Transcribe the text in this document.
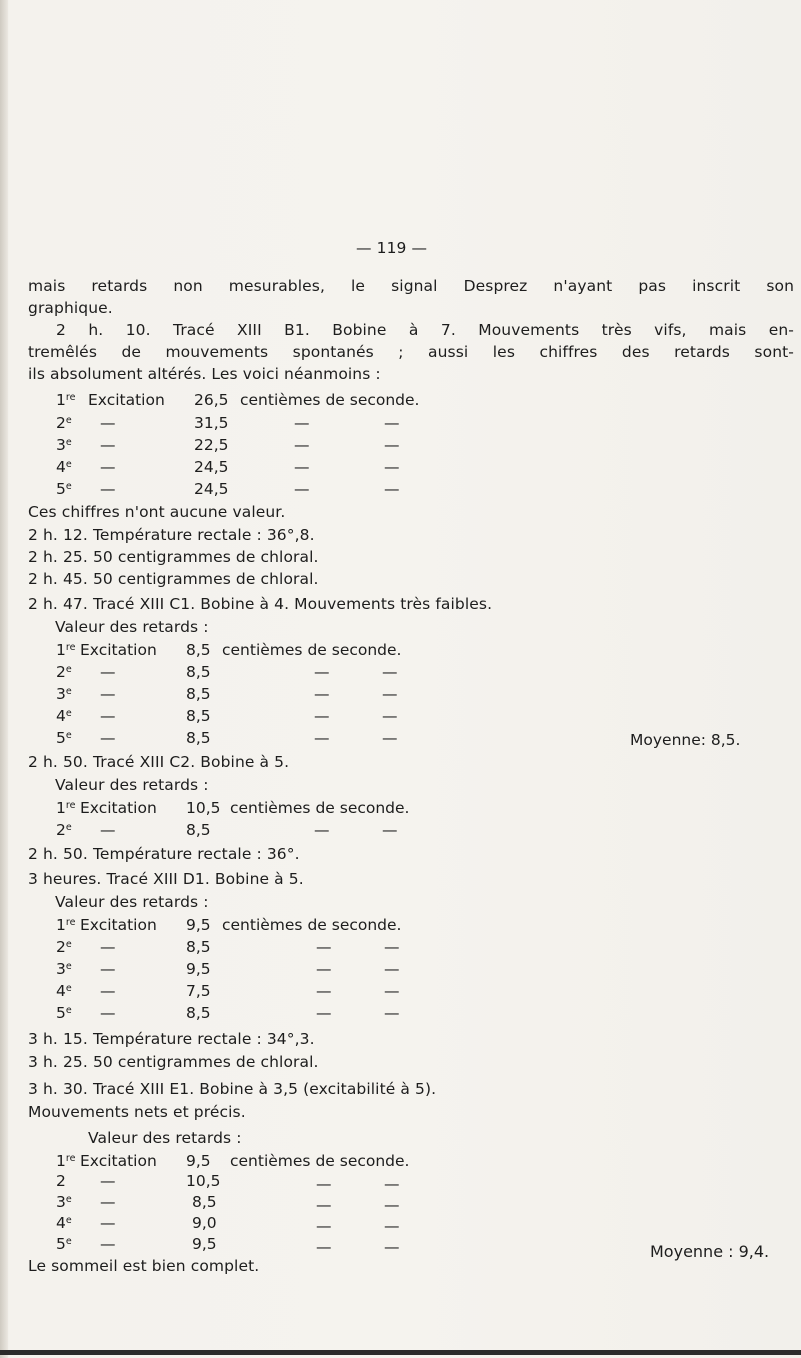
— 119 —
mais retards non mesurables, le signal Desprez n'ayant pas inscrit son
graphique.
2 h. 10. Tracé XIII B1. Bobine à 7. Mouvements très vifs, mais en-
tremêlés de mouvements spontanés ; aussi les chiffres des retards sont-
ils absolument altérés. Les voici néanmoins :
1re Excitation 26,5 centièmes de seconde.
2e —	31,5	—	—
3e —	22,5	—	—
4e —	24,5	—	—
5e —	24,5	—	—
Ces chiffres n'ont aucune valeur.
2 h. 12. Température rectale : 36°,8.
2 h. 25. 50 centigrammes de chloral.
2 h. 45. 50 centigrammes de chloral.
2 h. 47. Tracé XIII C1. Bobine à 4. Mouvements très faibles.
Valeur des retards :
1re Excitation 8,5 centièmes de seconde.
2e —	8,5	—	—
3e —	8,5	—	—
4e —	8,5	—	—
5e —	8,5	—	—	Moyenne: 8,5.
2 h. 50. Tracé XIII C2. Bobine à 5.
Valeur des retards :
1re Excitation 10,5 centièmes de seconde.
2e —	8,5	—	—
2 h. 50. Température rectale : 36°.
3 heures. Tracé XIII D1. Bobine à 5.
Valeur des retards :
1re Excitation 9,5 centièmes de seconde.
2e —	8,5	—	—
3e —	9,5	—	—
4e —	7,5	—	—
5e —	8,5	—	—
3 h. 15. Température rectale : 34°,3.
3 h. 25. 50 centigrammes de chloral.
3 h. 30. Tracé XIII E1. Bobine à 3,5 (excitabilité à 5).
Mouvements nets et précis.
Valeur des retards :
1re Excitation 9,5 centièmes de seconde.
2 —	10,5	—	—
3e —	8,5	—	—
4e —	9,0	—	—
5e —	9,5	—	—	Moyenne : 9,4.
Le sommeil est bien complet.
